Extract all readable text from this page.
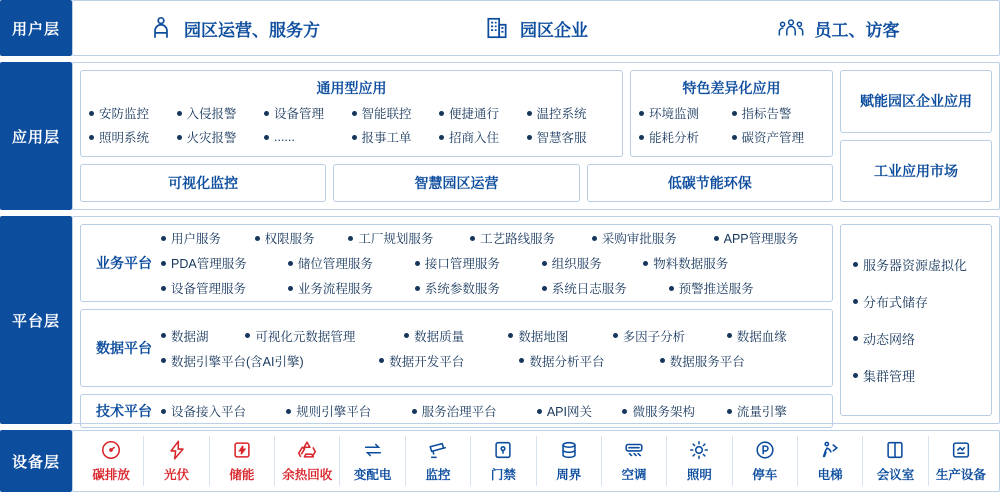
用户层	园区运营、服务方	园区企业	员工、访客
应用层
通用型应用
安防监控	入侵报警	设备管理	智能联控	便捷通行	温控系统
照明系统	火灾报警	......	报事工单	招商入住	智慧客服
特色差异化应用
环境监测	指标告警
能耗分析	碳资产管理
可视化监控	智慧园区运营	低碳节能环保
赋能园区企业应用
工业应用市场
平台层
业务平台
用户服务	权限服务	工厂规划服务	工艺路线服务	采购审批服务	APP管理服务
PDA管理服务	储位管理服务	接口管理服务	组织服务	物料数据服务
设备管理服务	业务流程服务	系统参数服务	系统日志服务	预警推送服务
数据平台
数据湖	可视化元数据管理	数据质量	数据地图	多因子分析	数据血缘
数据引擎平台(含AI引擎)	数据开发平台	数据分析平台	数据服务平台
技术平台	设备接入平台	规则引擎平台	服务治理平台	API网关	微服务架构	流量引擎
服务器资源虚拟化
分布式储存
动态网络
集群管理
设备层
碳排放	光伏	储能 余热回收 变配电	监控	门禁	周界	空调	照明	停车	电梯	会议室 生产设备
